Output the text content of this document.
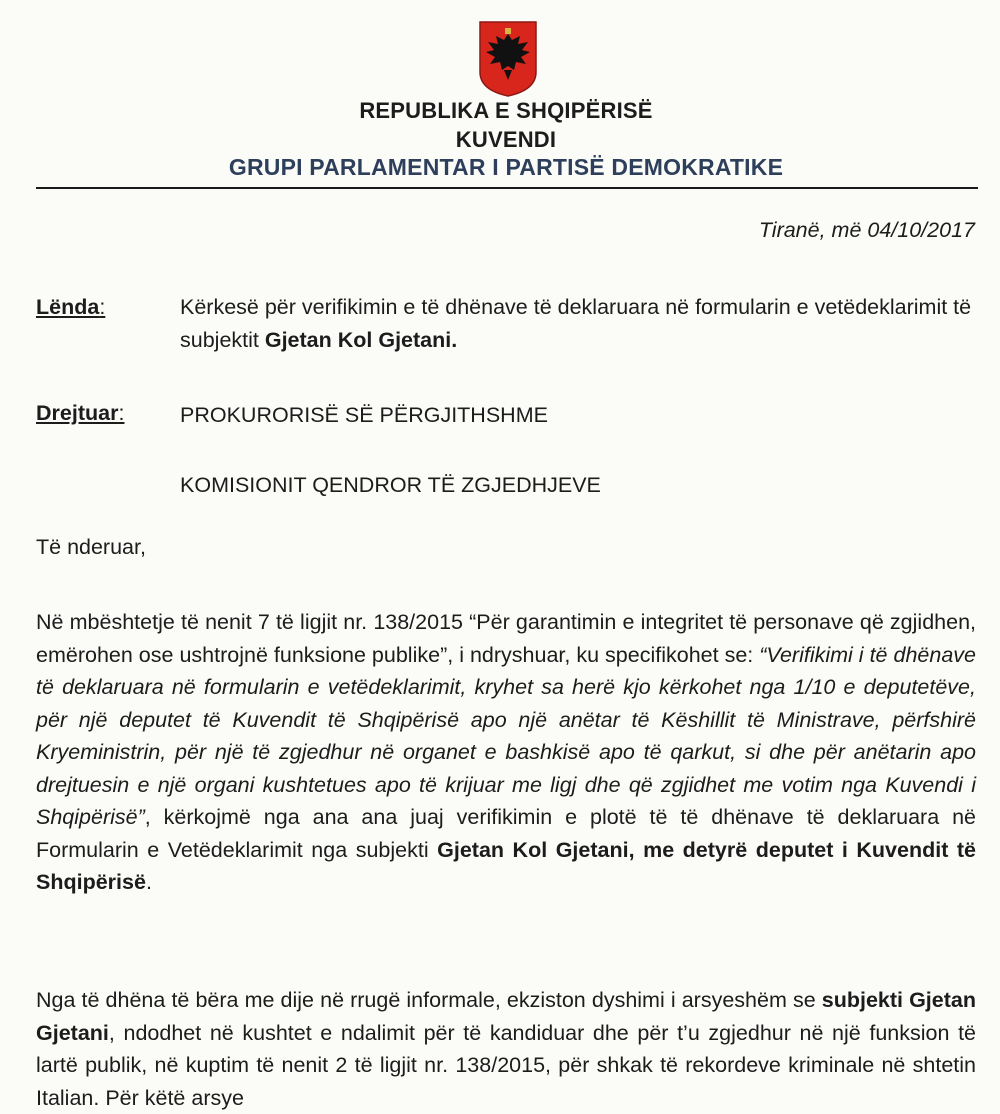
REPUBLIKA E SHQIPËRISË
KUVENDI
GRUPI PARLAMENTAR I PARTISË DEMOKRATIKE
Tiranë, më 04/10/2017
Lënda:	Kërkesë për verifikimin e të dhënave të deklaruara në formularin e vetëdeklarimit të subjektit Gjetan Kol Gjetani.
Drejtuar:	PROKURORISË SË PËRGJITHSHME
KOMISIONIT QENDROR TË ZGJEDHJEVE
Të nderuar,
Në mbështetje të nenit 7 të ligjit nr. 138/2015 “Për garantimin e integritet të personave që zgjidhen, emërohen ose ushtrojnë funksione publike”, i ndryshuar, ku specifikohet se: “Verifikimi i të dhënave të deklaruara në formularin e vetëdeklarimit, kryhet sa herë kjo kërkohet nga 1/10 e deputetëve, për një deputet të Kuvendit të Shqipërisë apo një anëtar të Këshillit të Ministrave, përfshirë Kryeministrin, për një të zgjedhur në organet e bashkisë apo të qarkut, si dhe për anëtarin apo drejtuesin e një organi kushtetues apo të krijuar me ligj dhe që zgjidhet me votim nga Kuvendi i Shqipërisë”, kërkojmë nga ana ana juaj verifikimin e plotë të të dhënave të deklaruara në Formularin e Vetëdeklarimit nga subjekti Gjetan Kol Gjetani, me detyrë deputet i Kuvendit të Shqipërisë.
Nga të dhëna të bëra me dije në rrugë informale, ekziston dyshimi i arsyeshëm se subjekti Gjetan Gjetani, ndodhet në kushtet e ndalimit për të kandiduar dhe për t’u zgjedhur në një funksion të lartë publik, në kuptim të nenit 2 të ligjit nr. 138/2015, për shkak të rekordeve kriminale në shtetin Italian. Për këtë arsye
